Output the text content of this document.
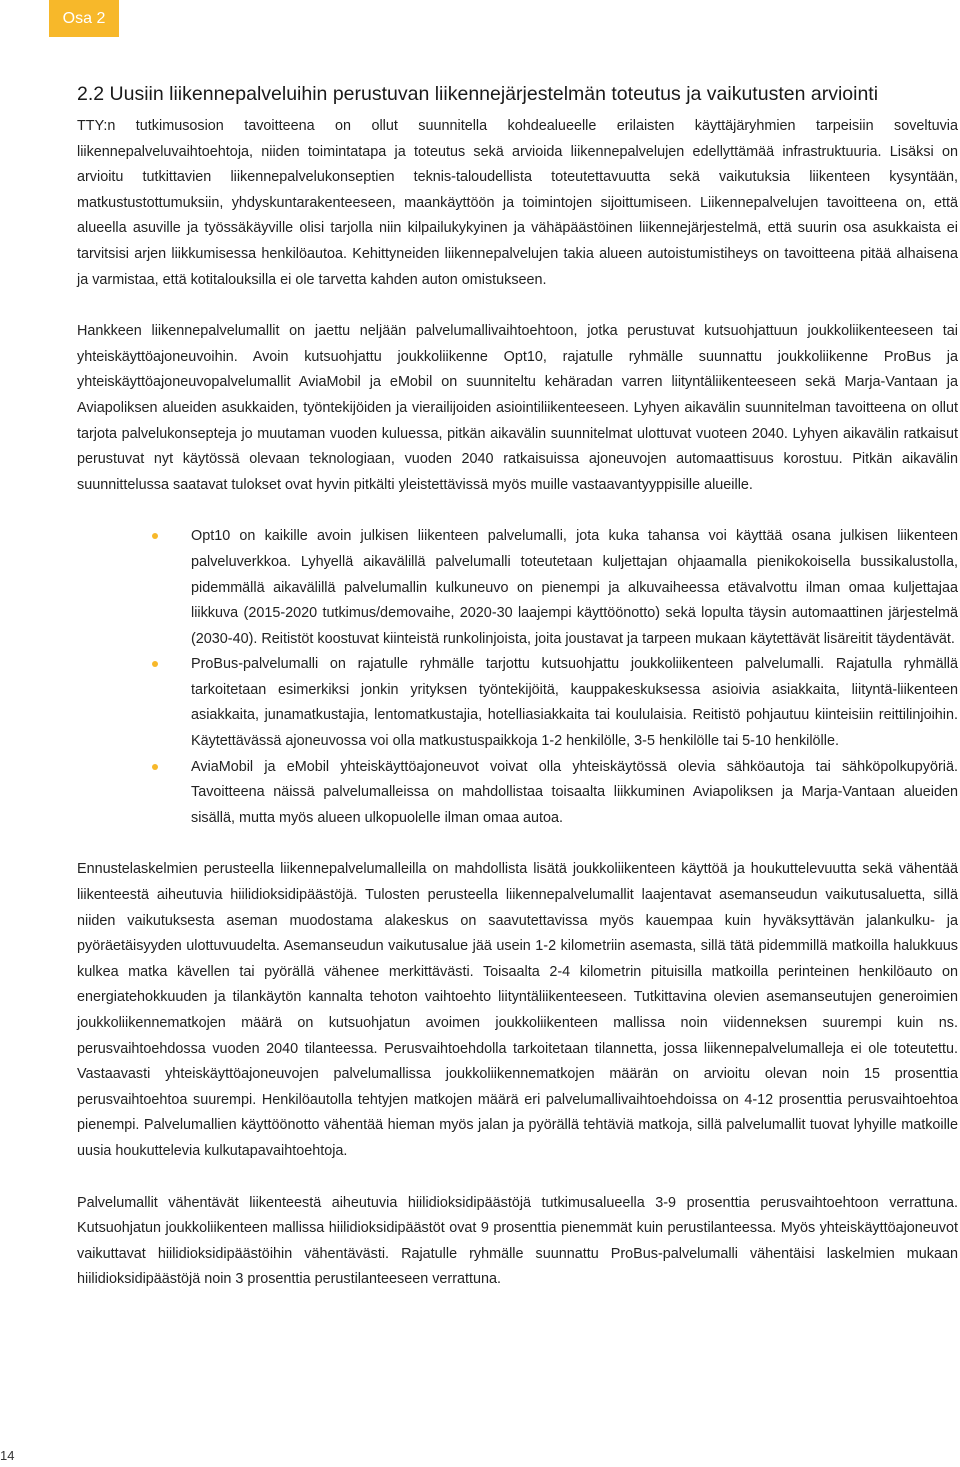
Osa 2
2.2 Uusiin liikennepalveluihin perustuvan liikennejärjestelmän toteutus ja vaikutusten arviointi

TTY:n tutkimusosion tavoitteena on ollut suunnitella kohdealueelle erilaisten käyttäjäryhmien tarpeisiin soveltuvia liikennepalveluvaihtoehtoja, niiden toimintatapa ja toteutus sekä arvioida liikennepalvelujen edellyttämää infrastruktuuria. Lisäksi on arvioitu tutkittavien liikennepalvelukonseptien teknis-taloudellista toteutettavuutta sekä vaikutuksia liikenteen kysyntään, matkustustottumuksiin, yhdyskuntarakenteeseen, maankäyttöön ja toimintojen sijoittumiseen. Liikennepalvelujen tavoitteena on, että alueella asuville ja työssäkäyville olisi tarjolla niin kilpailukykyinen ja vähäpäästöinen liikennejärjestelmä, että suurin osa asukkaista ei tarvitsisi arjen liikkumisessa henkilöautoa. Kehittyneiden liikennepalvelujen takia alueen autoistumistiheys on tavoitteena pitää alhaisena ja varmistaa, että kotitalouksilla ei ole tarvetta kahden auton omistukseen.

Hankkeen liikennepalvelumallit on jaettu neljään palvelumallivaihtoehtoon, jotka perustuvat kutsuohjattuun joukkoliikenteeseen tai yhteiskäyttöajoneuvoihin. Avoin kutsuohjattu joukkoliikenne Opt10, rajatulle ryhmälle suunnattu joukkoliikenne ProBus ja yhteiskäyttöajoneuvopalvelumallit AviaMobil ja eMobil on suunniteltu kehäradan varren liityntäliikenteeseen sekä Marja-Vantaan ja Aviapoliksen alueiden asukkaiden, työntekijöiden ja vierailijoiden asiointiliikenteeseen. Lyhyen aikavälin suunnitelman tavoitteena on ollut tarjota palvelukonsepteja jo muutaman vuoden kuluessa, pitkän aikavälin suunnitelmat ulottuvat vuoteen 2040. Lyhyen aikavälin ratkaisut perustuvat nyt käytössä olevaan teknologiaan, vuoden 2040 ratkaisuissa ajoneuvojen automaattisuus korostuu. Pitkän aikavälin suunnittelussa saatavat tulokset ovat hyvin pitkälti yleistettävissä myös muille vastaavantyyppisille alueille.

Opt10 on kaikille avoin julkisen liikenteen palvelumalli, jota kuka tahansa voi käyttää osana julkisen liikenteen palveluverkkoa. Lyhyellä aikavälillä palvelumalli toteutetaan kuljettajan ohjaamalla pienikokoisella bussikalustolla, pidemmällä aikavälillä palvelumallin kulkuneuvo on pienempi ja alkuvaiheessa etävalvottu ilman omaa kuljettajaa liikkuva (2015-2020 tutkimus/demovaihe, 2020-30 laajempi käyttöönotto) sekä lopulta täysin automaattinen järjestelmä (2030-40). Reitistöt koostuvat kiinteistä runkolinjoista, joita joustavat ja tarpeen mukaan käytettävät lisäreitit täydentävät.
ProBus-palvelumalli on rajatulle ryhmälle tarjottu kutsuohjattu joukkoliikenteen palvelumalli. Rajatulla ryhmällä tarkoitetaan esimerkiksi jonkin yrityksen työntekijöitä, kauppakeskuksessa asioivia asiakkaita, liityntä-liikenteen asiakkaita, junamatkustajia, lentomatkustajia, hotelliasiakkaita tai koululaisia. Reitistö pohjautuu kiinteisiin reittilinjoihin. Käytettävässä ajoneuvossa voi olla matkustuspaikkoja 1-2 henkilölle, 3-5 henkilölle tai 5-10 henkilölle.
AviaMobil ja eMobil yhteiskäyttöajoneuvot voivat olla yhteiskäytössä olevia sähköautoja tai sähköpolkupyöriä. Tavoitteena näissä palvelumalleissa on mahdollistaa toisaalta liikkuminen Aviapoliksen ja Marja-Vantaan alueiden sisällä, mutta myös alueen ulkopuolelle ilman omaa autoa.

Ennustelaskelmien perusteella liikennepalvelumalleilla on mahdollista lisätä joukkoliikenteen käyttöä ja houkuttelevuutta sekä vähentää liikenteestä aiheutuvia hiilidioksidipäästöjä. Tulosten perusteella liikennepalvelumallit laajentavat asemanseudun vaikutusaluetta, sillä niiden vaikutuksesta aseman muodostama alakeskus on saavutettavissa myös kauempaa kuin hyväksyttävän jalankulku- ja pyöräetäisyyden ulottuvuudelta. Asemanseudun vaikutusalue jää usein 1-2 kilometriin asemasta, sillä tätä pidemmillä matkoilla halukkuus kulkea matka kävellen tai pyörällä vähenee merkittävästi. Toisaalta 2-4 kilometrin pituisilla matkoilla perinteinen henkilöauto on energiatehokkuuden ja tilankäytön kannalta tehoton vaihtoehto liityntäliikenteeseen. Tutkittavina olevien asemanseutujen generoimien joukkoliikennematkojen määrä on kutsuohjatun avoimen joukkoliikenteen mallissa noin viidenneksen suurempi kuin ns. perusvaihtoehdossa vuoden 2040 tilanteessa. Perusvaihtoehdolla tarkoitetaan tilannetta, jossa liikennepalvelumalleja ei ole toteutettu. Vastaavasti yhteiskäyttöajoneuvojen palvelumallissa joukkoliikennematkojen määrän on arvioitu olevan noin 15 prosenttia perusvaihtoehtoa suurempi. Henkilöautolla tehtyjen matkojen määrä eri palvelumallivaihtoehdoissa on 4-12 prosenttia perusvaihtoehtoa pienempi. Palvelumallien käyttöönotto vähentää hieman myös jalan ja pyörällä tehtäviä matkoja, sillä palvelumallit tuovat lyhyille matkoille uusia houkuttelevia kulkutapavaihtoehtoja.

Palvelumallit vähentävät liikenteestä aiheutuvia hiilidioksidipäästöjä tutkimusalueella 3-9 prosenttia perusvaihtoehtoon verrattuna. Kutsuohjatun joukkoliikenteen mallissa hiilidioksidipäästöt ovat 9 prosenttia pienemmät kuin perustilanteessa. Myös yhteiskäyttöajoneuvot vaikuttavat hiilidioksidipäästöihin vähentävästi. Rajatulle ryhmälle suunnattu ProBus-palvelumalli vähentäisi laskelmien mukaan hiilidioksidipäästöjä noin 3 prosenttia perustilanteeseen verrattuna.

14
